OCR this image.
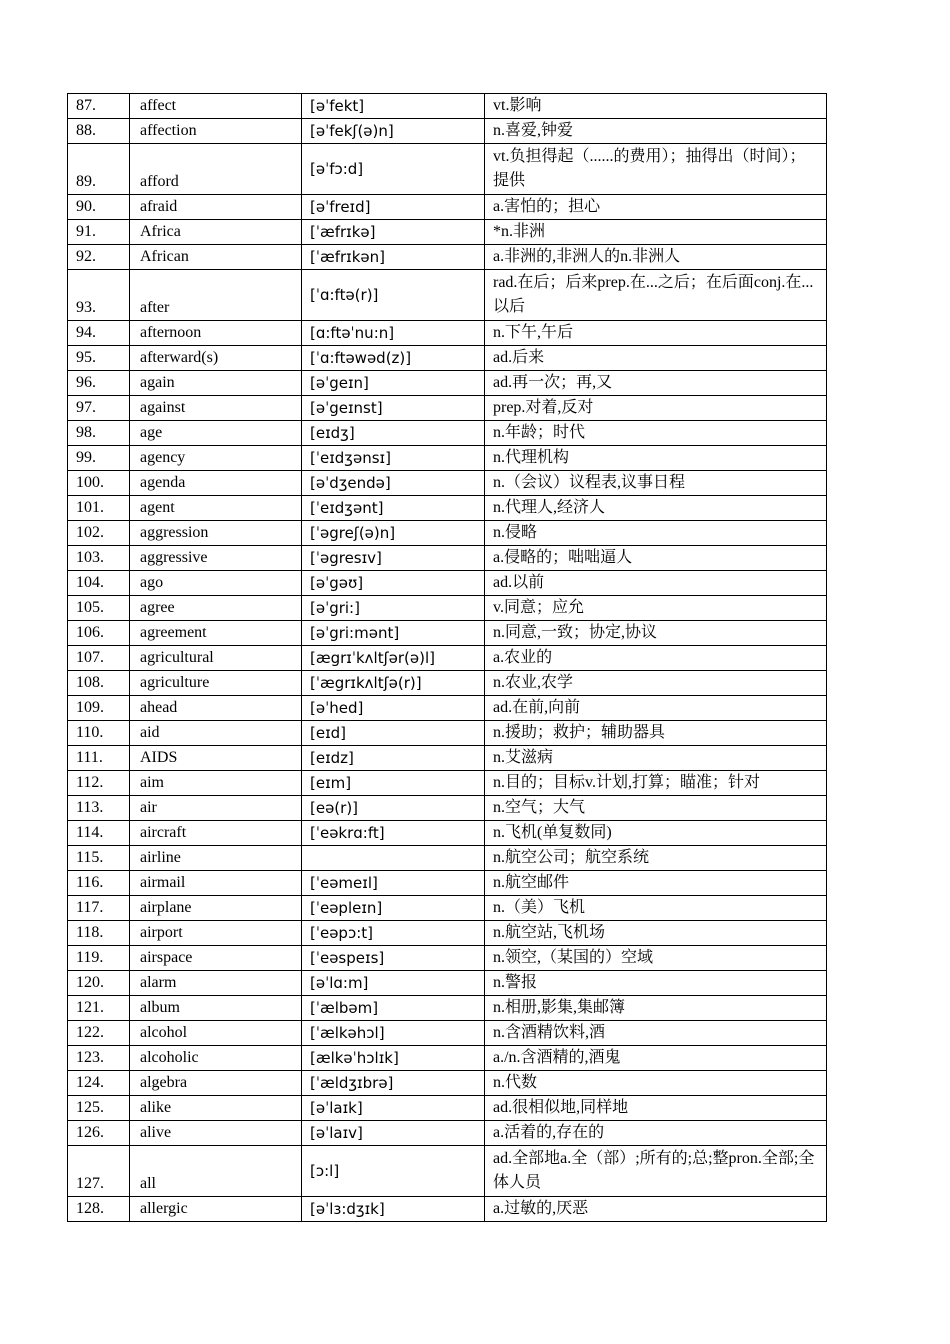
87.	affect	[əˈfekt]	vt.影响
88.	affection	[əˈfekʃ(ə)n]	n.喜爱,钟爱
89.	afford	[əˈfɔ:d]	vt.负担得起（......的费用）；抽得出（时间）；提供
90.	afraid	[əˈfreɪd]	a.害怕的；担心
91.	Africa	[ˈæfrɪkə]	*n.非洲
92.	African	[ˈæfrɪkən]	a.非洲的,非洲人的n.非洲人
93.	after	[ˈɑ:ftə(r)]	rad.在后；后来prep.在...之后；在后面conj.在...以后
94.	afternoon	[ɑ:ftəˈnu:n]	n.下午,午后
95.	afterward(s)	[ˈɑ:ftəwəd(z)]	ad.后来
96.	again	[əˈgeɪn]	ad.再一次；再,又
97.	against	[əˈgeɪnst]	prep.对着,反对
98.	age	[eɪdʒ]	n.年龄；时代
99.	agency	[ˈeɪdʒənsɪ]	n.代理机构
100.	agenda	[əˈdʒendə]	n.（会议）议程表,议事日程
101.	agent	[ˈeɪdʒənt]	n.代理人,经济人
102.	aggression	[ˈəgreʃ(ə)n]	n.侵略
103.	aggressive	[ˈəgresɪv]	a.侵略的；咄咄逼人
104.	ago	[əˈgəʊ]	ad.以前
105.	agree	[əˈgri:]	v.同意；应允
106.	agreement	[əˈgri:mənt]	n.同意,一致；协定,协议
107.	agricultural	[ægrɪˈkʌltʃər(ə)l]	a.农业的
108.	agriculture	[ˈægrɪkʌltʃə(r)]	n.农业,农学
109.	ahead	[əˈhed]	ad.在前,向前
110.	aid	[eɪd]	n.援助；救护；辅助器具
111.	AIDS	[eɪdz]	n.艾滋病
112.	aim	[eɪm]	n.目的；目标v.计划,打算；瞄准；针对
113.	air	[eə(r)]	n.空气；大气
114.	aircraft	[ˈeəkrɑ:ft]	n.飞机(单复数同)
115.	airline		n.航空公司；航空系统
116.	airmail	[ˈeəmeɪl]	n.航空邮件
117.	airplane	[ˈeəpleɪn]	n.（美）飞机
118.	airport	[ˈeəpɔ:t]	n.航空站,飞机场
119.	airspace	[ˈeəspeɪs]	n.领空,（某国的）空域
120.	alarm	[əˈlɑ:m]	n.警报
121.	album	[ˈælbəm]	n.相册,影集,集邮簿
122.	alcohol	[ˈælkəhɔl]	n.含酒精饮料,酒
123.	alcoholic	[ælkəˈhɔlɪk]	a./n.含酒精的,酒鬼
124.	algebra	[ˈældʒɪbrə]	n.代数
125.	alike	[əˈlaɪk]	ad.很相似地,同样地
126.	alive	[əˈlaɪv]	a.活着的,存在的
127.	all	[ɔ:l]	ad.全部地a.全（部）;所有的;总;整pron.全部;全体人员
128.	allergic	[əˈlɜ:dʒɪk]	a.过敏的,厌恶
